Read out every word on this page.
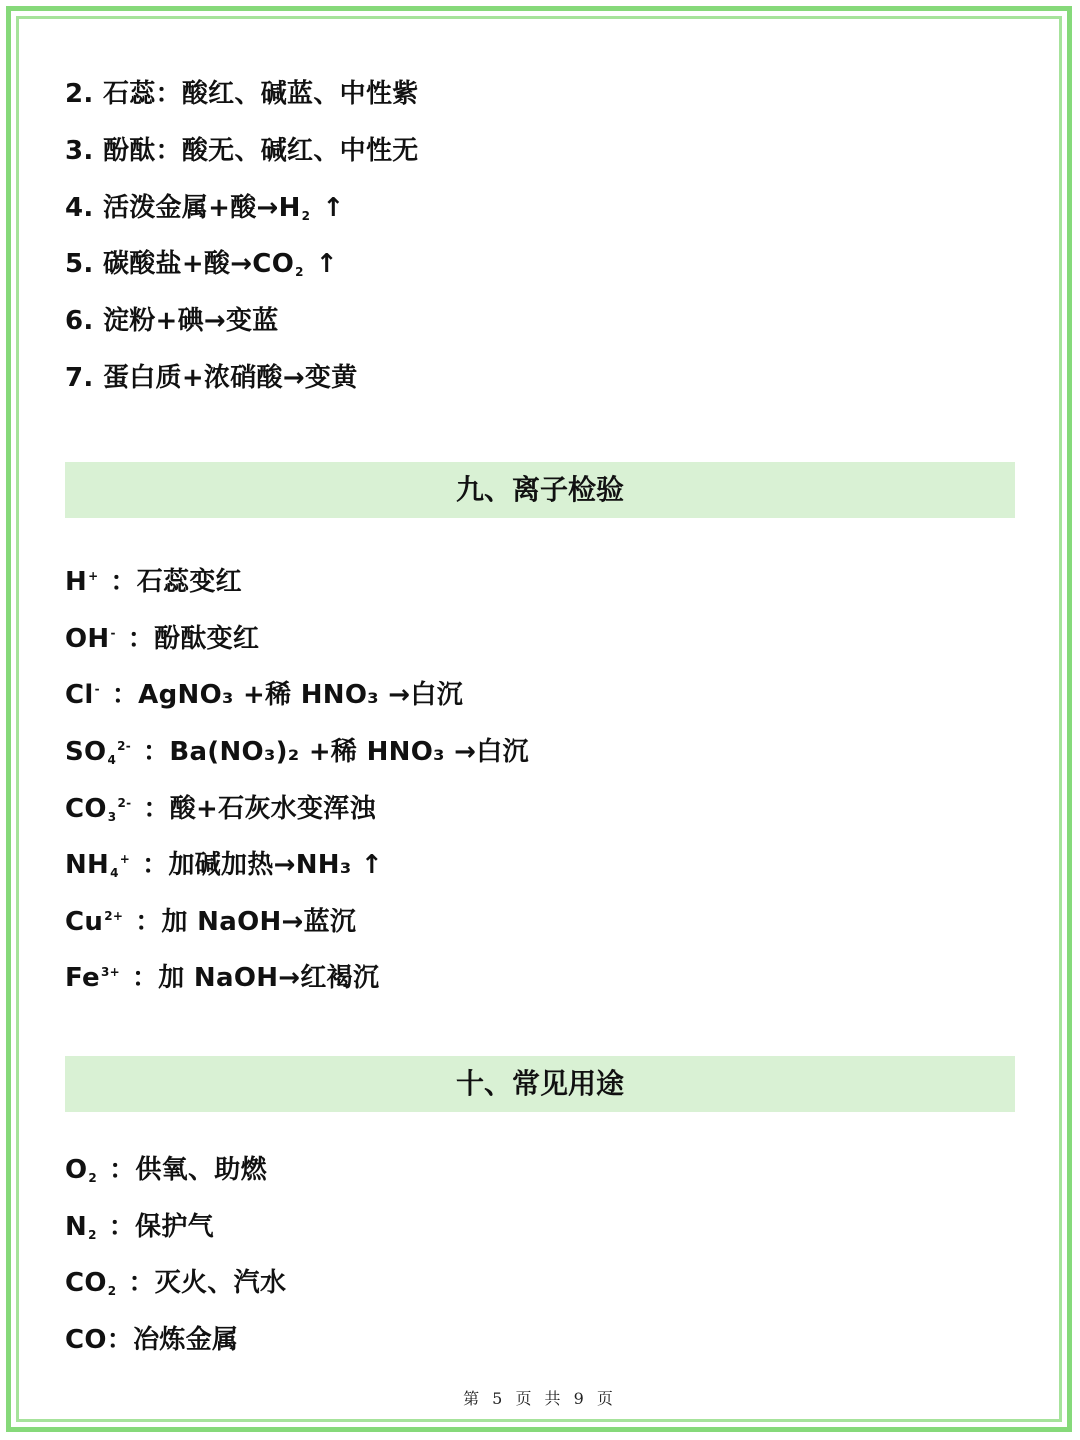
2. 石蕊：酸红、碱蓝、中性紫
3. 酚酞：酸无、碱红、中性无
4. 活泼金属+酸$\to H_2$ ↑
5. 碳酸盐+酸$\to CO_2$ ↑
6. 淀粉+碘→变蓝
7. 蛋白质+浓硝酸→变黄
九、离子检验
H+ ：石蕊变红
OH- ：酚酞变红
Cl- ：AgNO₃ +稀 HNO₃ →白沉
$SO_4^{2-}$ ：Ba(NO₃)₂ +稀 HNO₃ →白沉
$CO_3^{2-}$ ：酸+石灰水变浑浊
$NH_4^+$ ：加碱加热→NH₃ ↑
$Cu^{2+}$ ：加 NaOH→蓝沉
$Fe^{3+}$ ：加 NaOH→红褐沉
十、常见用途
$O_2$ ：供氧、助燃
$N_2$ ：保护气
$CO_2$ ：灭火、汽水
CO：冶炼金属
第 5 页 共 9 页
